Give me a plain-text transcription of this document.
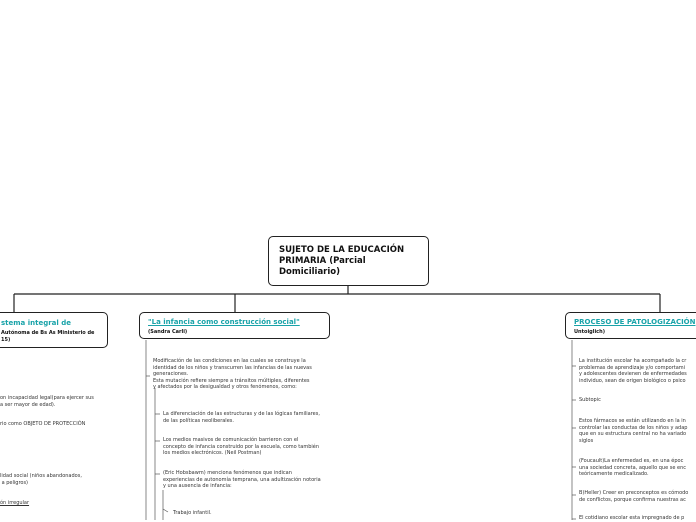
SUJETO DE LA EDUCACIÓN PRIMARIA (Parcial Domiciliario)
stema integral de
Autónoma de Bs As Ministerio de
15)
"La infancia como construcción social"
(Sandra Carli)
PROCESO DE PATOLOGIZACIÓN
Untoiglich)
on incapacidad legal(para ejercer sus
a ser mayor de edad).
rio como OBJETO DE PROTECCIÓN
lidad social (niños abandonados,
a peligros)
ón irregular
Modificación de las condiciones en las cuales se construye la
identidad de los niños y transcurren las infancias de las nuevas
generaciones.
Esta mutación refiere siempre a tránsitos múltiples, diferentes
y afectados por la desigualdad y otros fenómenos, como:
La diferenciación de las estructuras y de las lógicas familiares,
de las políticas neoliberales.
Los medios masivos de comunicación barrieron con el
concepto de infancia construido por la escuela, como también
los medios electrónicos. (Neil Postman)
(Eric Hobsbawm) menciona fenómenos que indican
experiencias de autonomía temprana, una adultización notoria
y una ausencia de infancia:
Trabajo infantil.
La institución escolar ha acompañado la cr
problemas de aprendizaje y/o comportami
y adolescentes devienen de enfermedades
individuo, sean de origen biológico o psico
Subtopic
Estos fármacos se están utilizando en la in
controlar las conductas de los niños y adap
que en su estructura central no ha variado
siglos
(Foucault)La enfermedad es, en una époc
una sociedad concreta, aquello que se enc
teóricamente medicalizado.
B)Heller) Creer en preconceptos es cómodo
de conflictos, porque confirma nuestras ac
El cotidiano escolar esta impregnado de p
